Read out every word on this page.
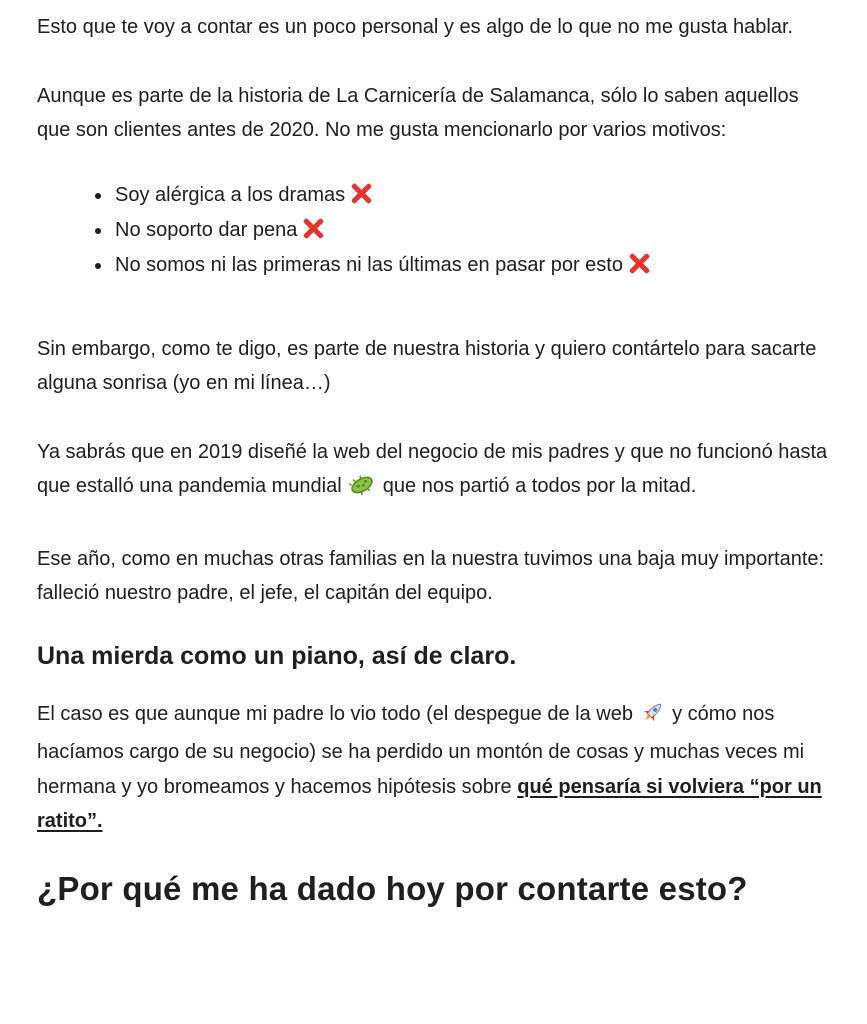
Esto que te voy a contar es un poco personal y es algo de lo que no me gusta hablar.

Aunque es parte de la historia de La Carnicería de Salamanca, sólo lo saben aquellos que son clientes antes de 2020. No me gusta mencionarlo por varios motivos:

Soy alérgica a los dramas
No soporto dar pena
No somos ni las primeras ni las últimas en pasar por esto

Sin embargo, como te digo, es parte de nuestra historia y quiero contártelo para sacarte alguna sonrisa (yo en mi línea…)

Ya sabrás que en 2019 diseñé la web del negocio de mis padres y que no funcionó hasta que estalló una pandemia mundial que nos partió a todos por la mitad.

Ese año, como en muchas otras familias en la nuestra tuvimos una baja muy importante: falleció nuestro padre, el jefe, el capitán del equipo.

Una mierda como un piano, así de claro.

El caso es que aunque mi padre lo vio todo (el despegue de la web y cómo nos hacíamos cargo de su negocio) se ha perdido un montón de cosas y muchas veces mi hermana y yo bromeamos y hacemos hipótesis sobre qué pensaría si volviera “por un ratito”.

¿Por qué me ha dado hoy por contarte esto?
